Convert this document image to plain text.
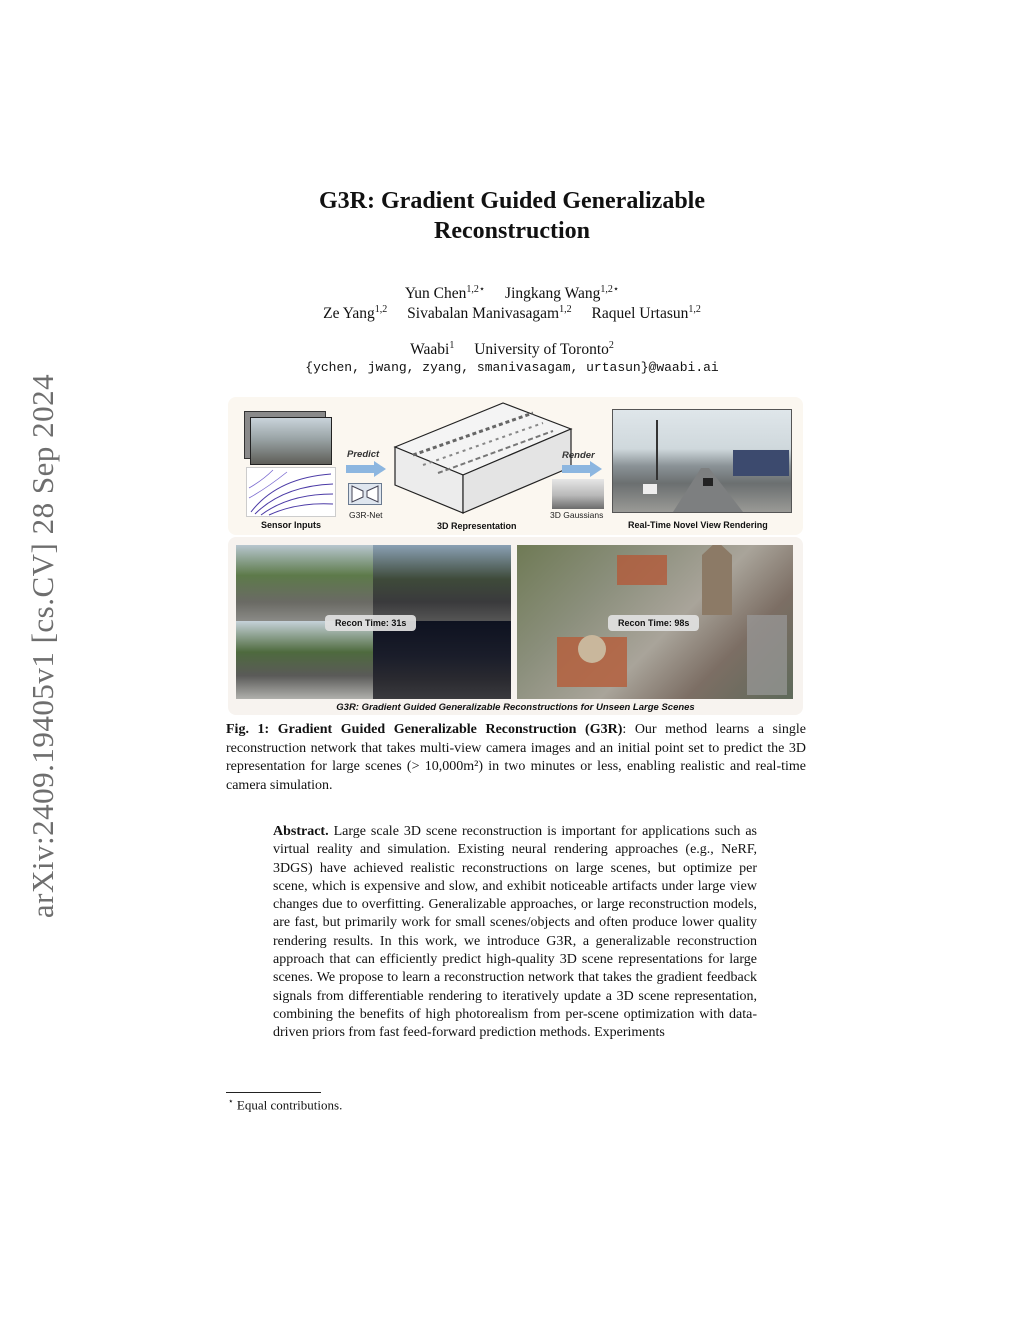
arXiv:2409.19405v1 [cs.CV] 28 Sep 2024
G3R: Gradient Guided Generalizable
Reconstruction
Yun Chen$^{1,2⋆}$ Jingkang Wang$^{1,2⋆}$
Ze Yang$^{1,2}$ Sivabalan Manivasagam$^{1,2}$ Raquel Urtasun$^{1,2}$
Waabi$^1$ University of Toronto$^2$
{ychen, jwang, zyang, smanivasagam, urtasun}@waabi.ai
Sensor Inputs
Predict
G3R-Net
3D Representation
Render
3D Gaussians
Real-Time Novel View Rendering
Recon Time: 31s	Recon Time: 98s
G3R: Gradient Guided Generalizable Reconstructions for Unseen Large Scenes
Fig. 1: Gradient Guided Generalizable Reconstruction (G3R): Our method learns a single reconstruction network that takes multi-view camera images and an initial point set to predict the 3D representation for large scenes (> 10,000m²) in two minutes or less, enabling realistic and real-time camera simulation.
Abstract. Large scale 3D scene reconstruction is important for applications such as virtual reality and simulation. Existing neural rendering approaches (e.g., NeRF, 3DGS) have achieved realistic reconstructions on large scenes, but optimize per scene, which is expensive and slow, and exhibit noticeable artifacts under large view changes due to overfitting. Generalizable approaches, or large reconstruction models, are fast, but primarily work for small scenes/objects and often produce lower quality rendering results. In this work, we introduce G3R, a generalizable reconstruction approach that can efficiently predict high-quality 3D scene representations for large scenes. We propose to learn a reconstruction network that takes the gradient feedback signals from differentiable rendering to iteratively update a 3D scene representation, combining the benefits of high photorealism from per-scene optimization with data-driven priors from fast feed-forward prediction methods. Experiments
⋆ Equal contributions.
